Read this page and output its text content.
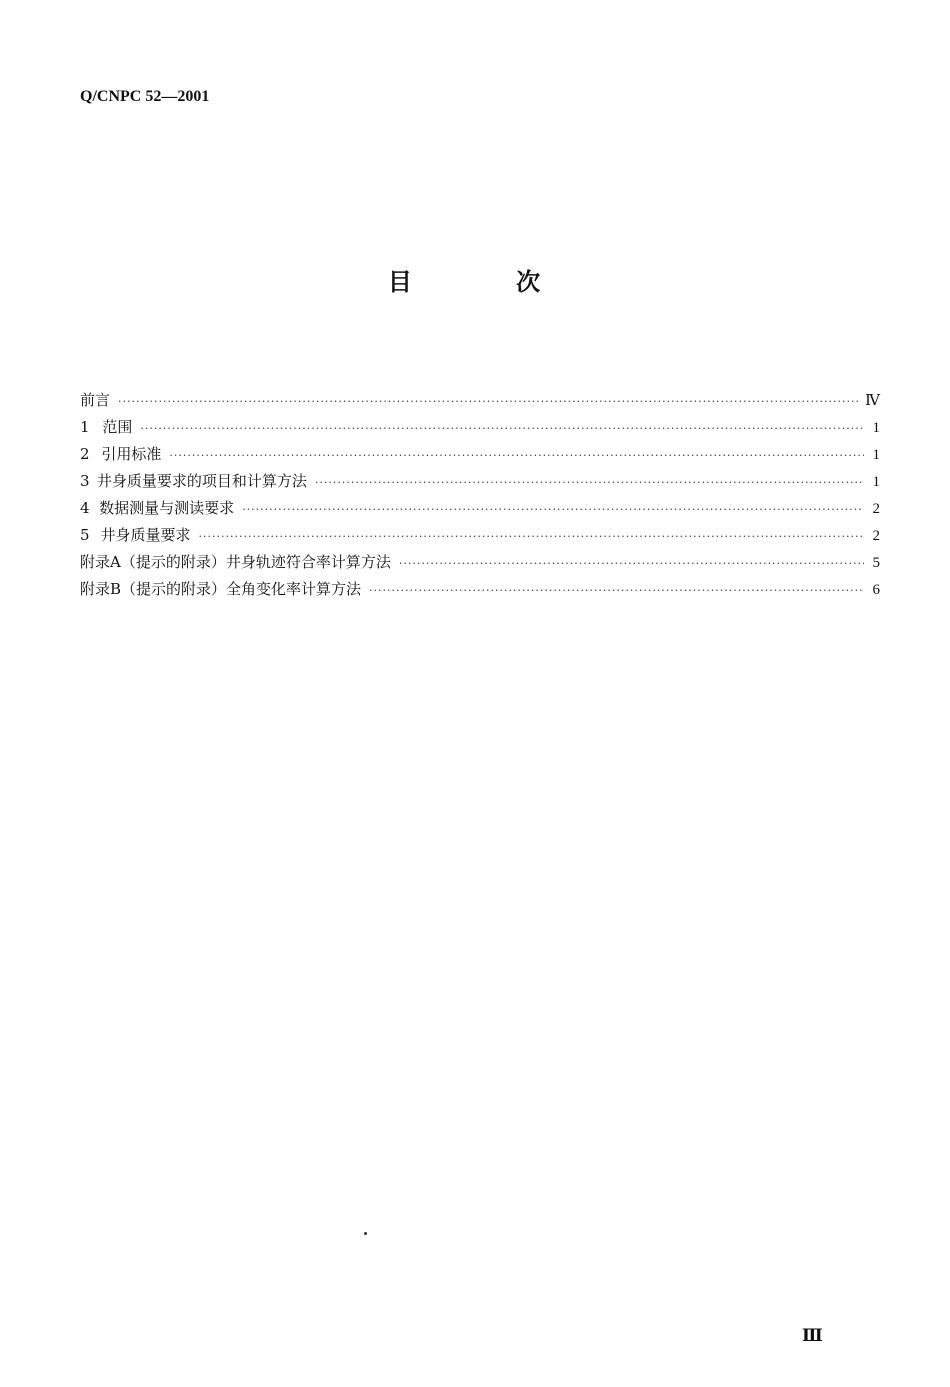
Q/CNPC 52—2001
目 次
前言 ·····	Ⅳ
1 范围 ·····	1
2 引用标准 ·····	1
3 井身质量要求的项目和计算方法 ·····	1
4 数据测量与测读要求 ·····	2
5 井身质量要求 ·····	2
附录A（提示的附录）井身轨迹符合率计算方法 ·····	5
附录B（提示的附录）全角变化率计算方法 ·····	6
Ⅲ
